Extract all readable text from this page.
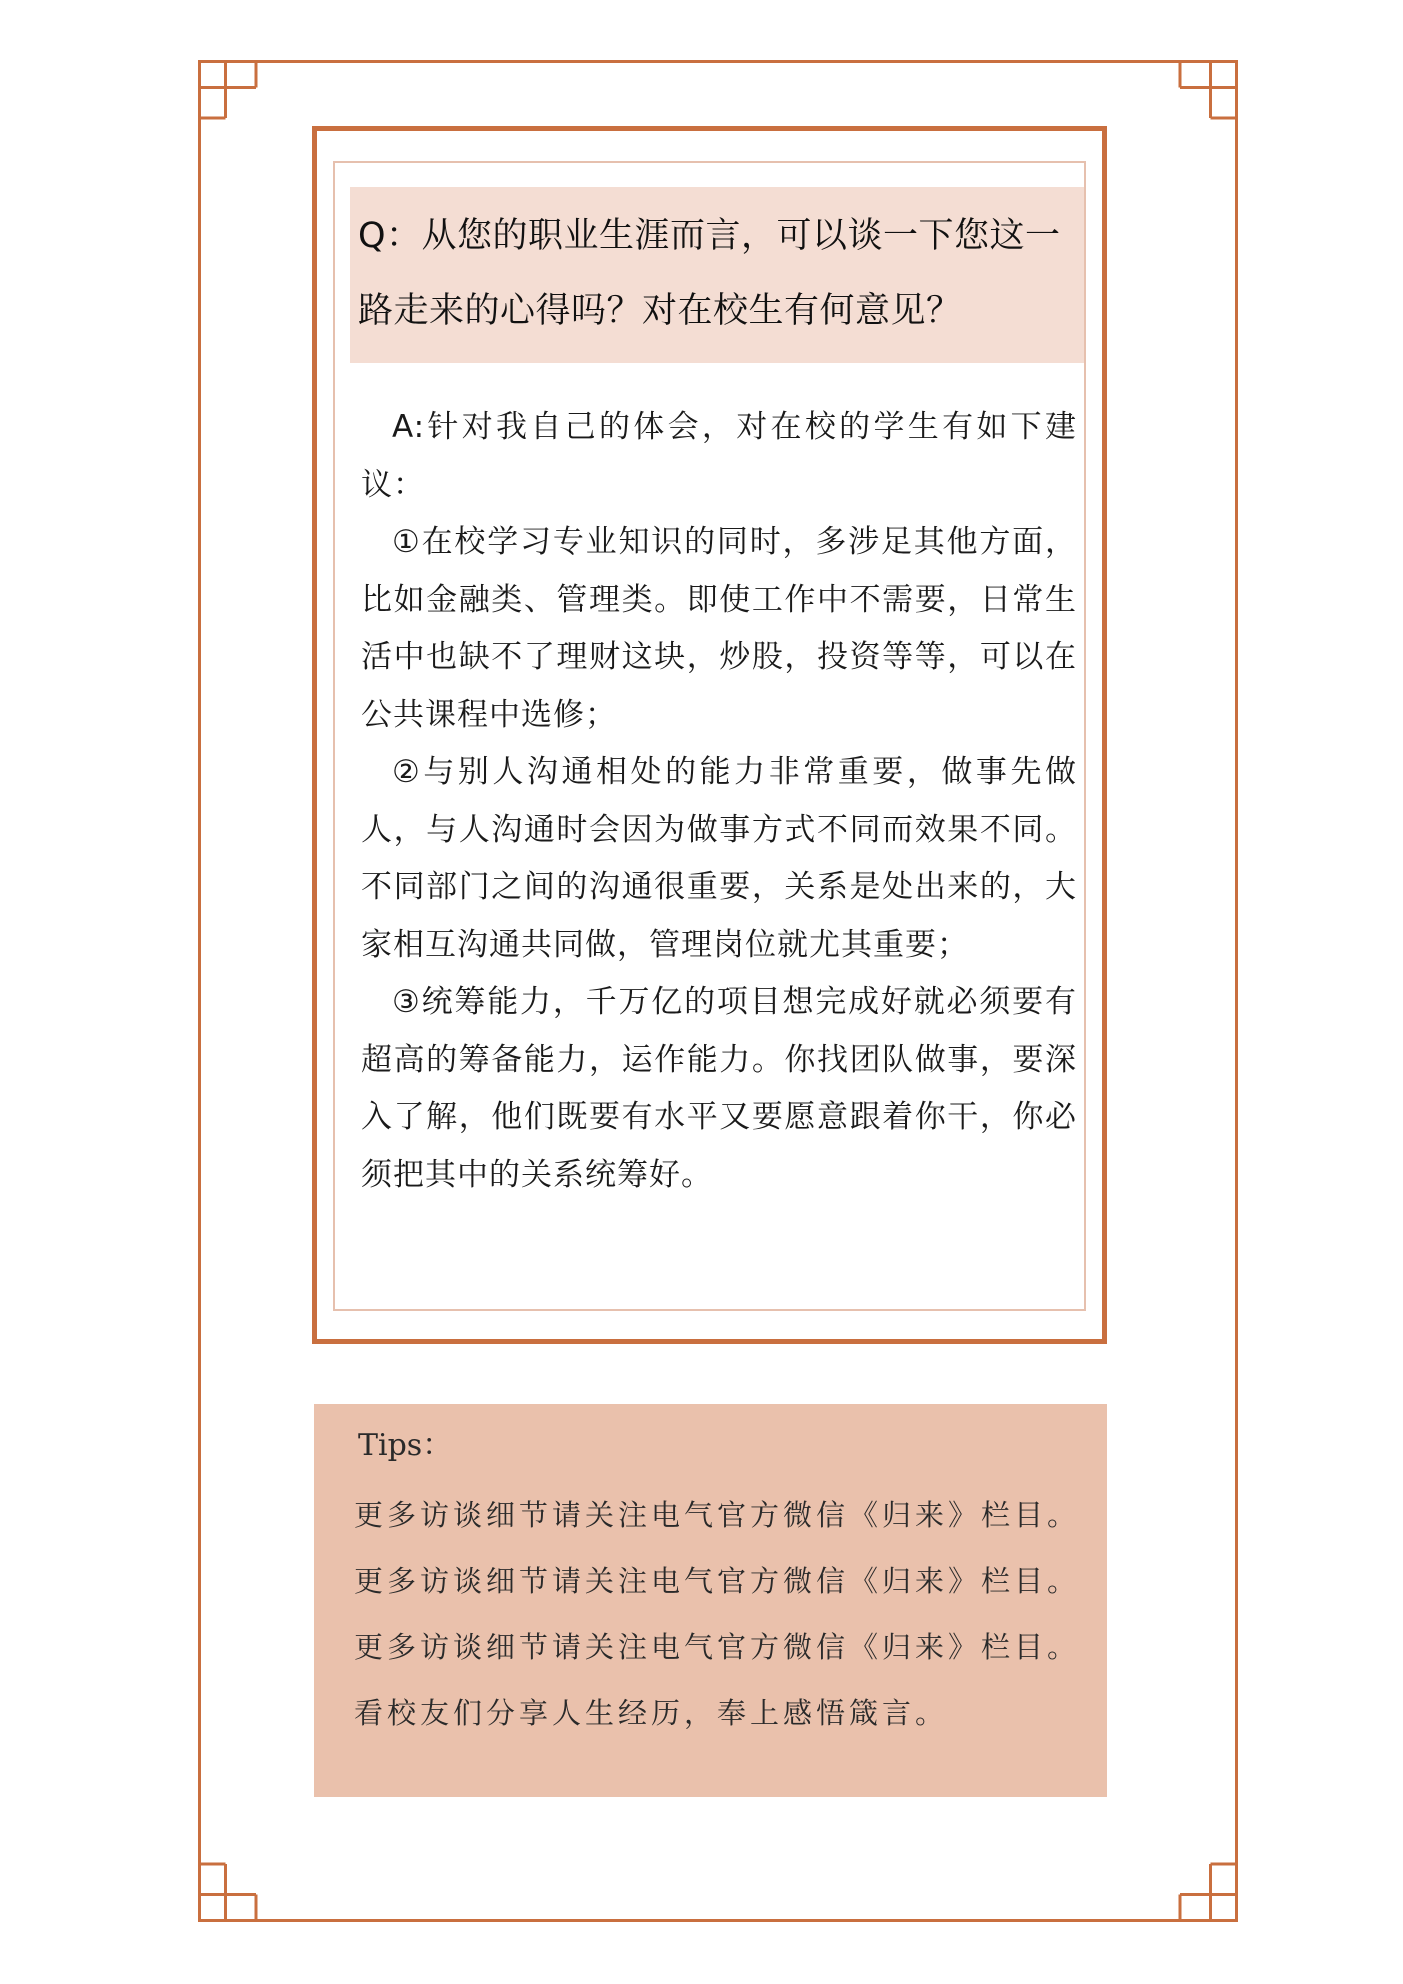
Q：从您的职业生涯而言，可以谈一下您这一路走来的心得吗？对在校生有何意见？

A:针对我自己的体会，对在校的学生有如下建议：

①在校学习专业知识的同时，多涉足其他方面，比如金融类、管理类。即使工作中不需要，日常生活中也缺不了理财这块，炒股，投资等等，可以在公共课程中选修；

②与别人沟通相处的能力非常重要，做事先做人，与人沟通时会因为做事方式不同而效果不同。不同部门之间的沟通很重要，关系是处出来的，大家相互沟通共同做，管理岗位就尤其重要；

③统筹能力，千万亿的项目想完成好就必须要有超高的筹备能力，运作能力。你找团队做事，要深入了解，他们既要有水平又要愿意跟着你干，你必须把其中的关系统筹好。

Tips：
更多访谈细节请关注电气官方微信《归来》栏目。
更多访谈细节请关注电气官方微信《归来》栏目。
更多访谈细节请关注电气官方微信《归来》栏目。
看校友们分享人生经历，奉上感悟箴言。
